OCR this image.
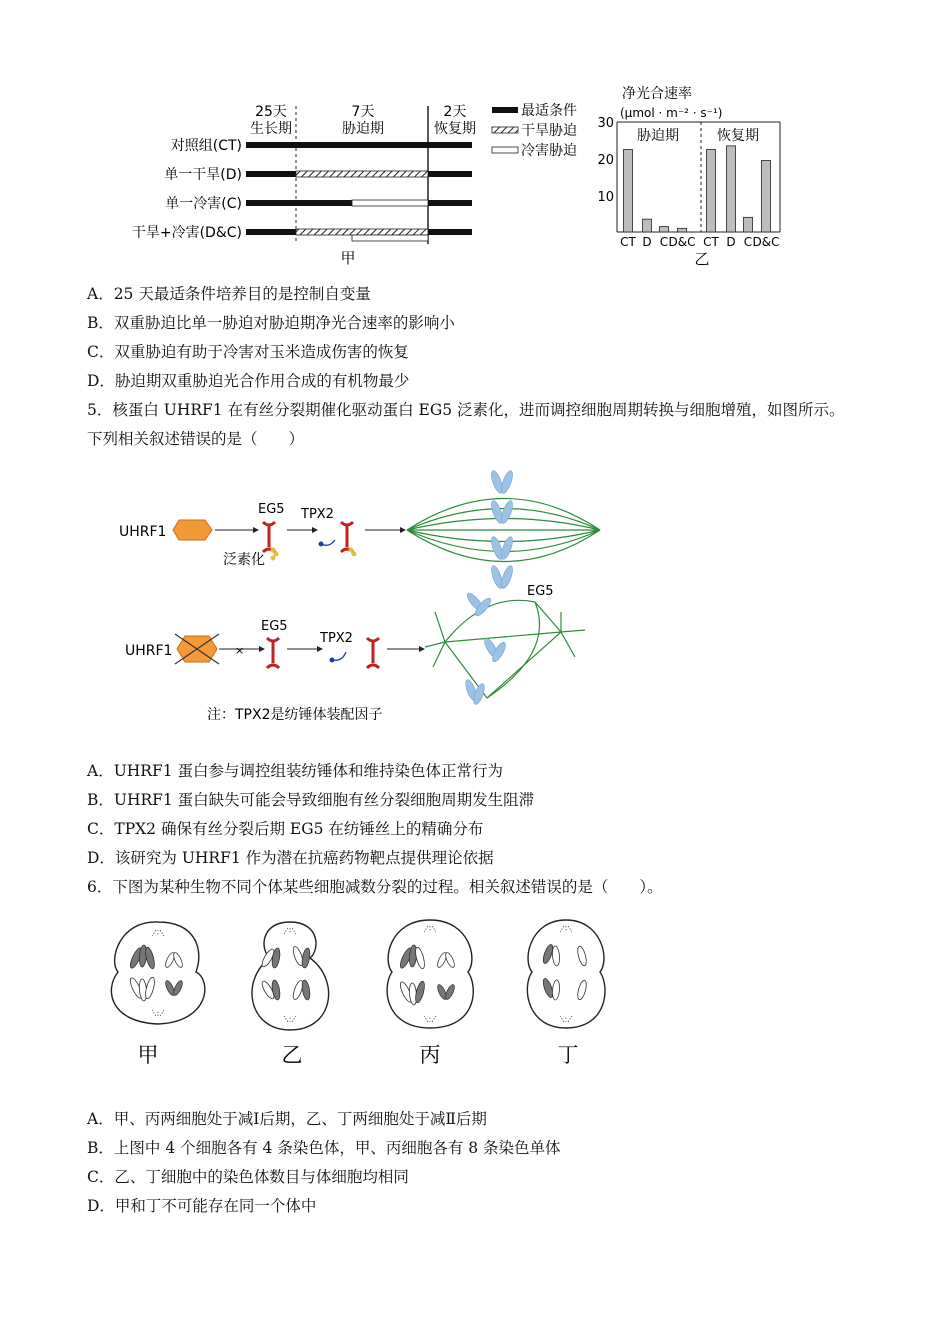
25天
生长期
7天
胁迫期
2天
恢复期
对照组(CT)
单一干旱(D)
单一冷害(C)
干旱+冷害(D&C)
最适条件
干旱胁迫
冷害胁迫
甲
净光合速率
(μmol · m⁻² · s⁻¹)
30
20
10
胁迫期	恢复期
CT D C D&C CT D C D&C
乙
A．25 天最适条件培养目的是控制自变量
B．双重胁迫比单一胁迫对胁迫期净光合速率的影响小
C．双重胁迫有助于冷害对玉米造成伤害的恢复
D．胁迫期双重胁迫光合作用合成的有机物最少
5．核蛋白 UHRF1 在有丝分裂期催化驱动蛋白 EG5 泛素化，进而调控细胞周期转换与细胞增殖，如图所示。
下列相关叙述错误的是（　　）
UHRF1
EG5
泛素化
TPX2
UHRF1	×
EG5
TPX2
EG5
注：TPX2是纺锤体装配因子
A．UHRF1 蛋白参与调控组装纺锤体和维持染色体正常行为
B．UHRF1 蛋白缺失可能会导致细胞有丝分裂细胞周期发生阻滞
C．TPX2 确保有丝分裂后期 EG5 在纺锤丝上的精确分布
D．该研究为 UHRF1 作为潜在抗癌药物靶点提供理论依据
6．下图为某种生物不同个体某些细胞减数分裂的过程。相关叙述错误的是（　　）。
甲	乙	丙	丁
A．甲、丙两细胞处于减Ⅰ后期，乙、丁两细胞处于减Ⅱ后期
B．上图中 4 个细胞各有 4 条染色体，甲、丙细胞各有 8 条染色单体
C．乙、丁细胞中的染色体数目与体细胞均相同
D．甲和丁不可能存在同一个体中
